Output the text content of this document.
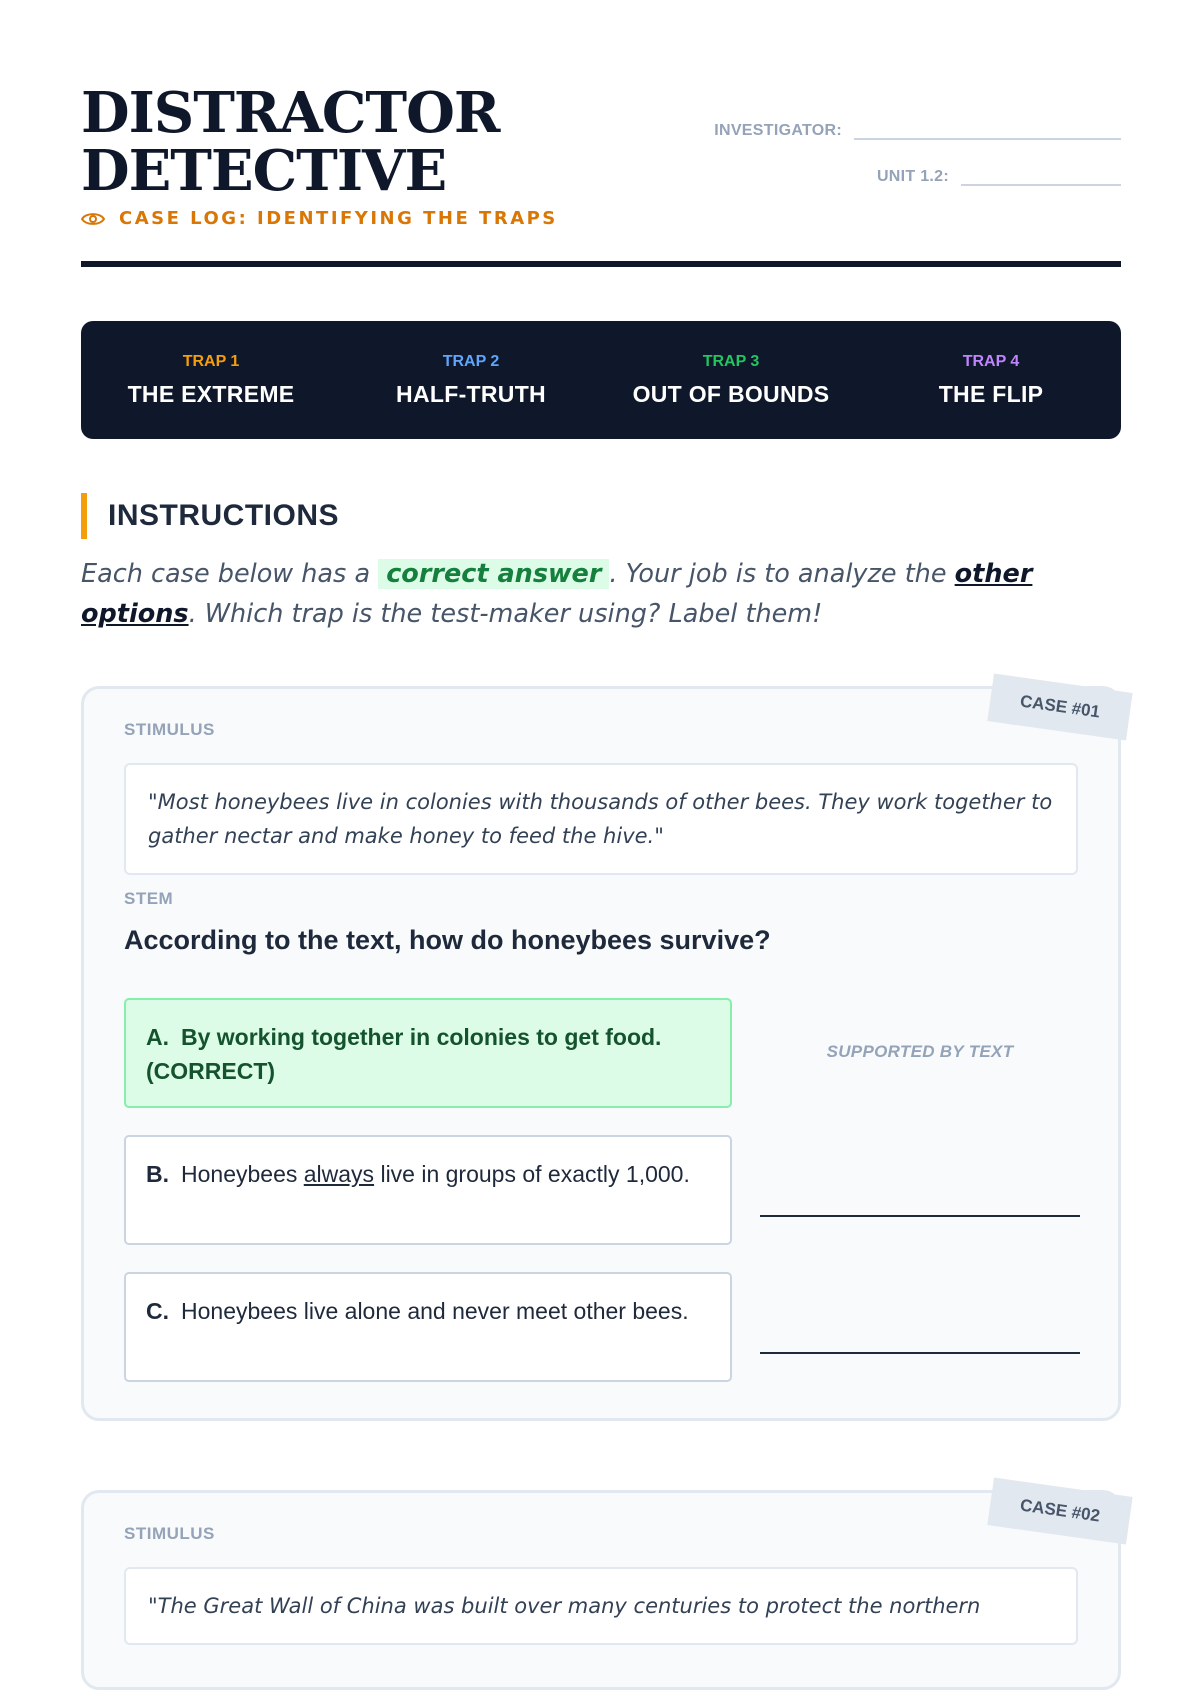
DISTRACTOR
DETECTIVE
CASE LOG: IDENTIFYING THE TRAPS
INVESTIGATOR:
UNIT 1.2:
TRAP 1
THE EXTREME
TRAP 2
HALF-TRUTH
TRAP 3
OUT OF BOUNDS
TRAP 4
THE FLIP
INSTRUCTIONS
Each case below has a correct answer . Your job is to analyze the other options. Which trap is the test-maker using? Label them!
CASE #01
STIMULUS
"Most honeybees live in colonies with thousands of other bees. They work together to gather nectar and make honey to feed the hive."
STEM
According to the text, how do honeybees survive?
A. By working together in colonies to get food. (CORRECT)
SUPPORTED BY TEXT
B. Honeybees always live in groups of exactly 1,000.
C. Honeybees live alone and never meet other bees.
CASE #02
STIMULUS
"The Great Wall of China was built over many centuries to protect the northern
